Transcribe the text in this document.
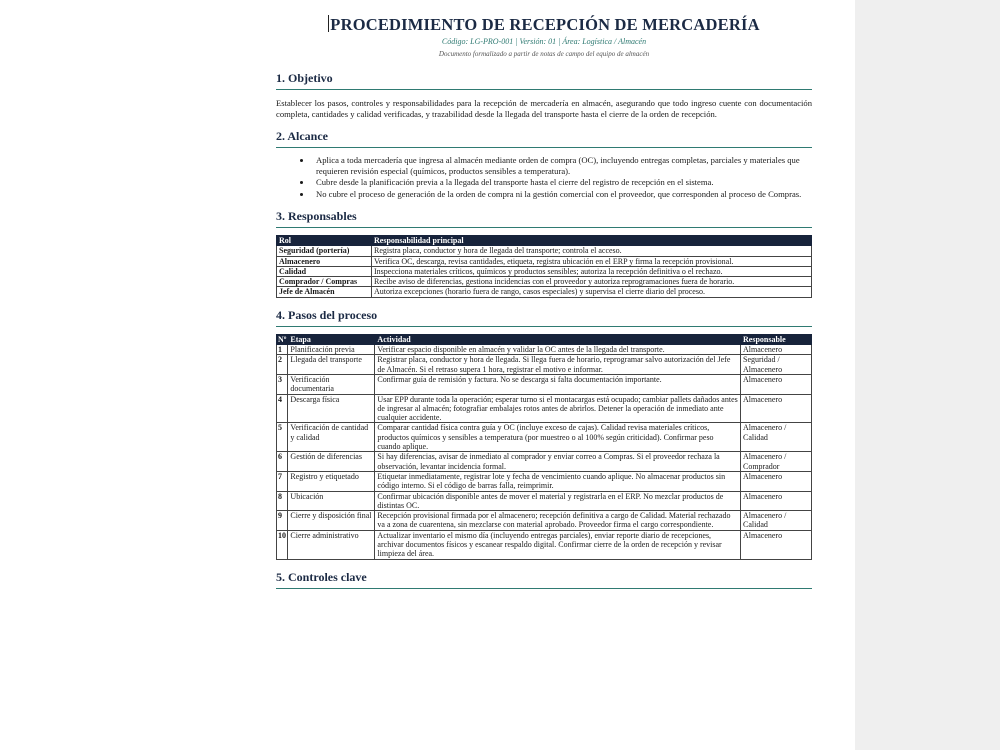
PROCEDIMIENTO DE RECEPCIÓN DE MERCADERÍA
Código: LG-PRO-001 | Versión: 01 | Área: Logística / Almacén
Documento formalizado a partir de notas de campo del equipo de almacén
1. Objetivo

Establecer los pasos, controles y responsabilidades para la recepción de mercadería en almacén, asegurando que todo ingreso cuente con documentación completa, cantidades y calidad verificadas, y trazabilidad desde la llegada del transporte hasta el cierre de la orden de recepción.

2. Alcance
• Aplica a toda mercadería que ingresa al almacén mediante orden de compra (OC), incluyendo entregas completas, parciales y materiales que requieren revisión especial (químicos, productos sensibles a temperatura).
• Cubre desde la planificación previa a la llegada del transporte hasta el cierre del registro de recepción en el sistema.
• No cubre el proceso de generación de la orden de compra ni la gestión comercial con el proveedor, que corresponden al proceso de Compras.
3. Responsables
Rol	Responsabilidad principal
Seguridad (portería)	Registra placa, conductor y hora de llegada del transporte; controla el acceso.
Almacenero	Verifica OC, descarga, revisa cantidades, etiqueta, registra ubicación en el ERP y firma la recepción provisional.
Calidad	Inspecciona materiales críticos, químicos y productos sensibles; autoriza la recepción definitiva o el rechazo.
Comprador / Compras	Recibe aviso de diferencias, gestiona incidencias con el proveedor y autoriza reprogramaciones fuera de horario.
Jefe de Almacén	Autoriza excepciones (horario fuera de rango, casos especiales) y supervisa el cierre diario del proceso.
4. Pasos del proceso
Nº	Etapa	Actividad	Responsable
1	Planificación previa	Verificar espacio disponible en almacén y validar la OC antes de la llegada del transporte.	Almacenero
2	Llegada del transporte	Registrar placa, conductor y hora de llegada. Si llega fuera de horario, reprogramar salvo autorización del Jefe de Almacén. Si el retraso supera 1 hora, registrar el motivo e informar.	Seguridad / Almacenero
3	Verificación documentaria	Confirmar guía de remisión y factura. No se descarga si falta documentación importante.	Almacenero
4	Descarga física	Usar EPP durante toda la operación; esperar turno si el montacargas está ocupado; cambiar pallets dañados antes de ingresar al almacén; fotografiar embalajes rotos antes de abrirlos. Detener la operación de inmediato ante cualquier accidente.	Almacenero
5	Verificación de cantidad y calidad	Comparar cantidad física contra guía y OC (incluye exceso de cajas). Calidad revisa materiales críticos, productos químicos y sensibles a temperatura (por muestreo o al 100% según criticidad). Confirmar peso cuando aplique.	Almacenero / Calidad
6	Gestión de diferencias	Si hay diferencias, avisar de inmediato al comprador y enviar correo a Compras. Si el proveedor rechaza la observación, levantar incidencia formal.	Almacenero / Comprador
7	Registro y etiquetado	Etiquetar inmediatamente, registrar lote y fecha de vencimiento cuando aplique. No almacenar productos sin código interno. Si el código de barras falla, reimprimir.	Almacenero
8	Ubicación	Confirmar ubicación disponible antes de mover el material y registrarla en el ERP. No mezclar productos de distintas OC.	Almacenero
9	Cierre y disposición final	Recepción provisional firmada por el almacenero; recepción definitiva a cargo de Calidad. Material rechazado va a zona de cuarentena, sin mezclarse con material aprobado. Proveedor firma el cargo correspondiente.	Almacenero / Calidad
10	Cierre administrativo	Actualizar inventario el mismo día (incluyendo entregas parciales), enviar reporte diario de recepciones, archivar documentos físicos y escanear respaldo digital. Confirmar cierre de la orden de recepción y revisar limpieza del área.	Almacenero
5. Controles clave
